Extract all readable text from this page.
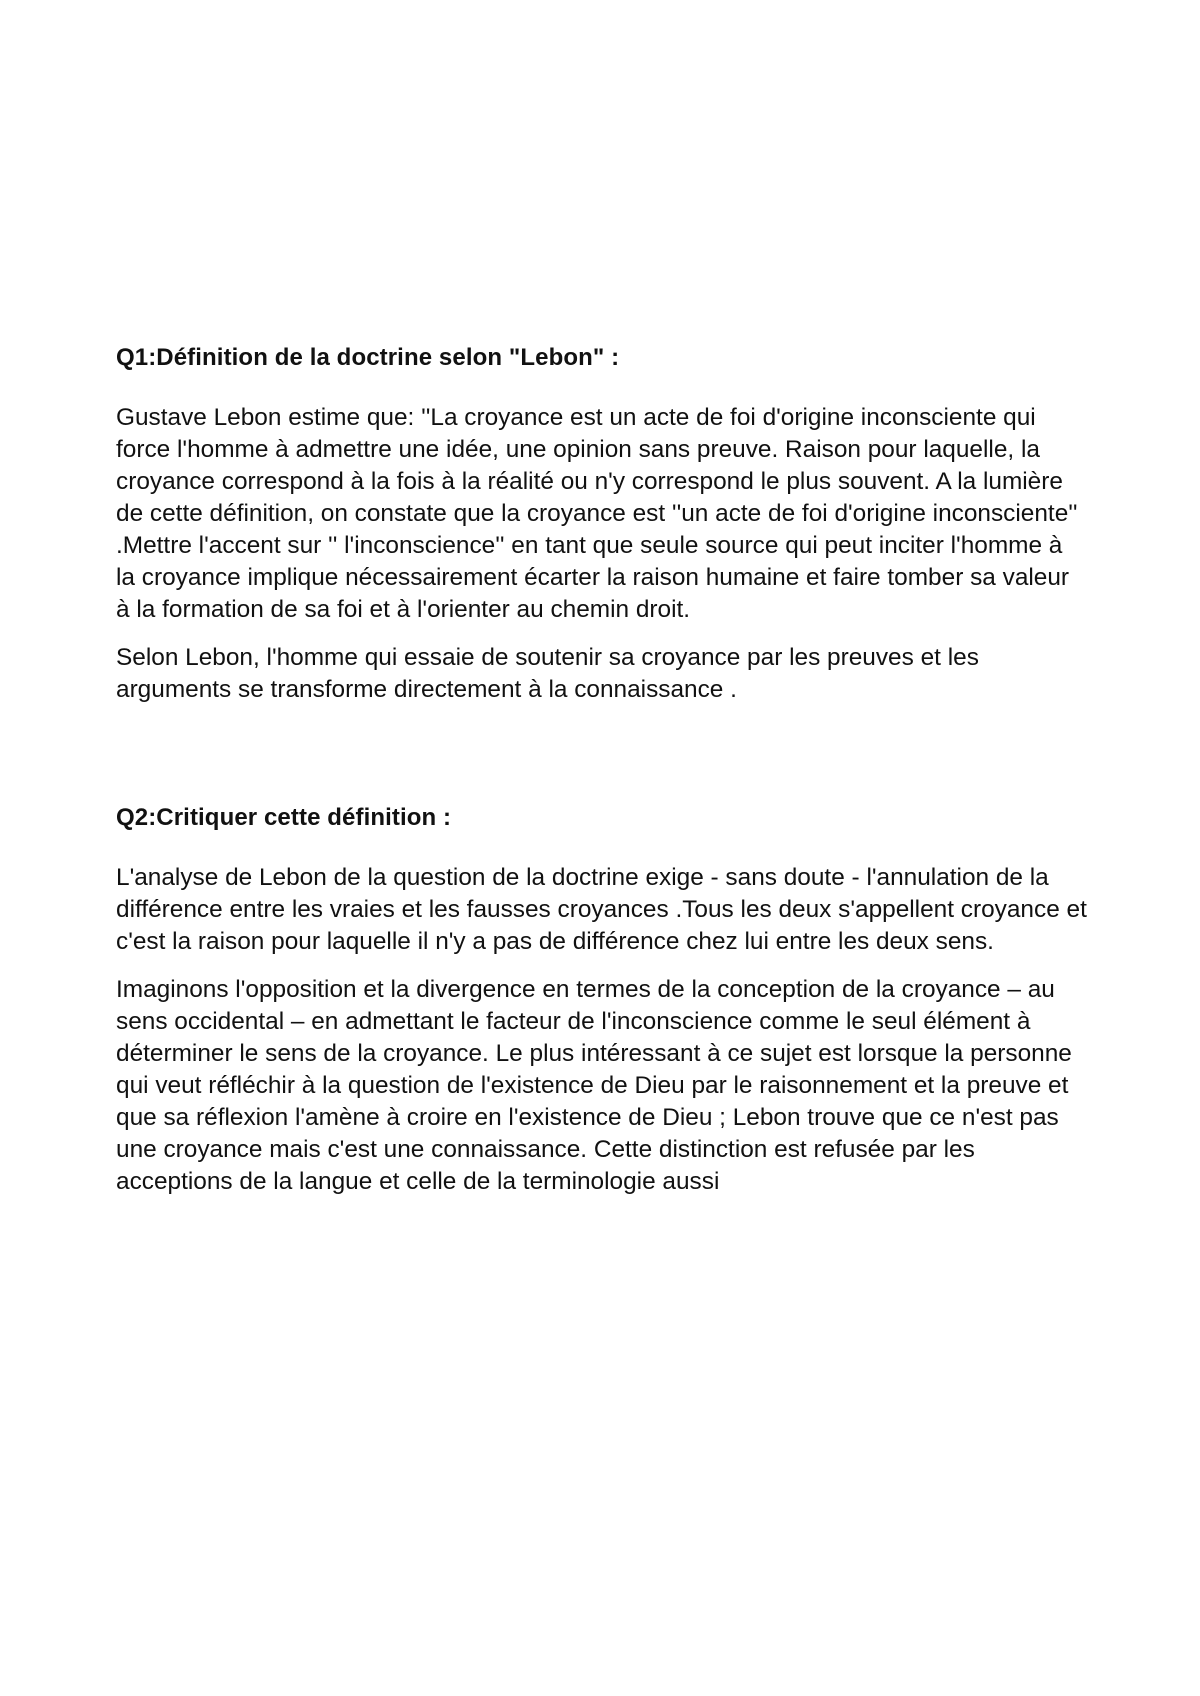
Q1:Définition de la doctrine selon "Lebon" :

Gustave Lebon estime que: ''La croyance est un acte de foi d'origine inconsciente qui force l'homme à admettre une idée, une opinion sans preuve. Raison pour laquelle, la croyance correspond à la fois à la réalité ou n'y correspond le plus souvent. A la lumière de cette définition, on constate que la croyance est ''un acte de foi d'origine inconsciente'' .Mettre l'accent sur '' l'inconscience'' en tant que seule source qui peut inciter l'homme à la croyance implique nécessairement écarter la raison humaine et faire tomber sa valeur à la formation de sa foi et à l'orienter au chemin droit.

Selon Lebon, l'homme qui essaie de soutenir sa croyance par les preuves et les arguments se transforme directement à la connaissance .

Q2:Critiquer cette définition :

L'analyse de Lebon de la question de la doctrine exige - sans doute - l'annulation de la différence entre les vraies et les fausses croyances .Tous les deux s'appellent croyance et c'est la raison pour laquelle il n'y a pas de différence chez lui entre les deux sens.

Imaginons l'opposition et la divergence en termes de la conception de la croyance – au sens occidental – en admettant le facteur de l'inconscience comme le seul élément à déterminer le sens de la croyance. Le plus intéressant à ce sujet est lorsque la personne qui veut réfléchir à la question de l'existence de Dieu par le raisonnement et la preuve et que sa réflexion l'amène à croire en l'existence de Dieu ; Lebon trouve que ce n'est pas une croyance mais c'est une connaissance. Cette distinction est refusée par les acceptions de la langue et celle de la terminologie aussi
